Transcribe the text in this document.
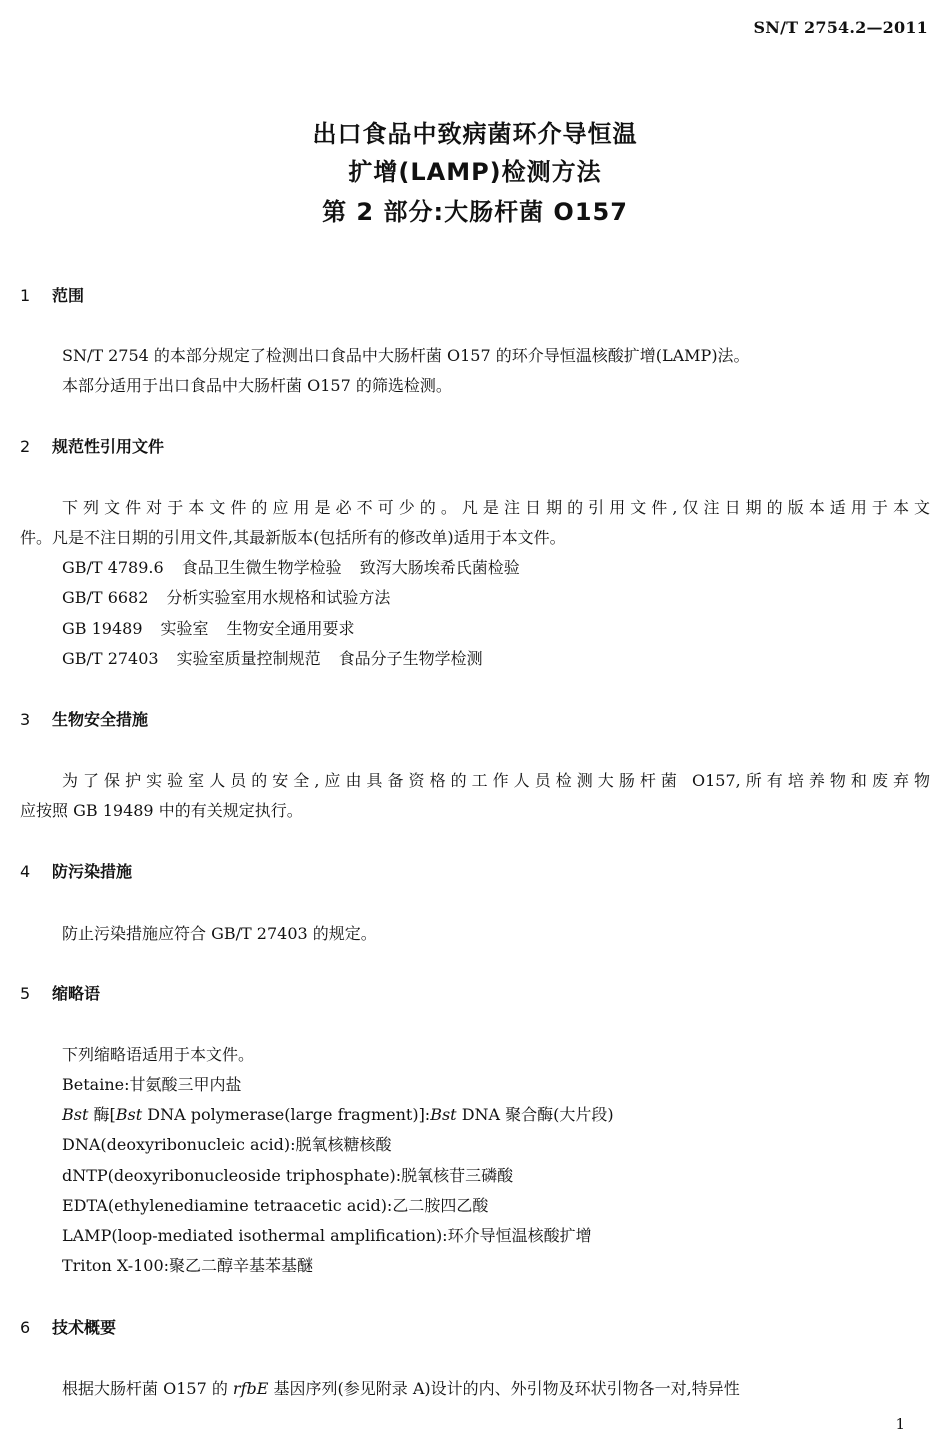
SN/T 2754.2—2011
出口食品中致病菌环介导恒温
扩增(LAMP)检测方法
第 2 部分:大肠杆菌 O157
1 范围
SN/T 2754 的本部分规定了检测出口食品中大肠杆菌 O157 的环介导恒温核酸扩增(LAMP)法。
本部分适用于出口食品中大肠杆菌 O157 的筛选检测。
2 规范性引用文件
下列文件对于本文件的应用是必不可少的。凡是注日期的引用文件,仅注日期的版本适用于本文
件。凡是不注日期的引用文件,其最新版本(包括所有的修改单)适用于本文件。
GB/T 4789.6 食品卫生微生物学检验 致泻大肠埃希氏菌检验
GB/T 6682 分析实验室用水规格和试验方法
GB 19489 实验室 生物安全通用要求
GB/T 27403 实验室质量控制规范 食品分子生物学检测
3 生物安全措施
为了保护实验室人员的安全,应由具备资格的工作人员检测大肠杆菌 O157,所有培养物和废弃物
应按照 GB 19489 中的有关规定执行。
4 防污染措施
防止污染措施应符合 GB/T 27403 的规定。
5 缩略语
下列缩略语适用于本文件。
Betaine:甘氨酸三甲内盐
Bst 酶[Bst DNA polymerase(large fragment)]:Bst DNA 聚合酶(大片段)
DNA(deoxyribonucleic acid):脱氧核糖核酸
dNTP(deoxyribonucleoside triphosphate):脱氧核苷三磷酸
EDTA(ethylenediamine tetraacetic acid):乙二胺四乙酸
LAMP(loop-mediated isothermal amplification):环介导恒温核酸扩增
Triton X-100:聚乙二醇辛基苯基醚
6 技术概要
根据大肠杆菌 O157 的 rfbE 基因序列(参见附录 A)设计的内、外引物及环状引物各一对,特异性
1
